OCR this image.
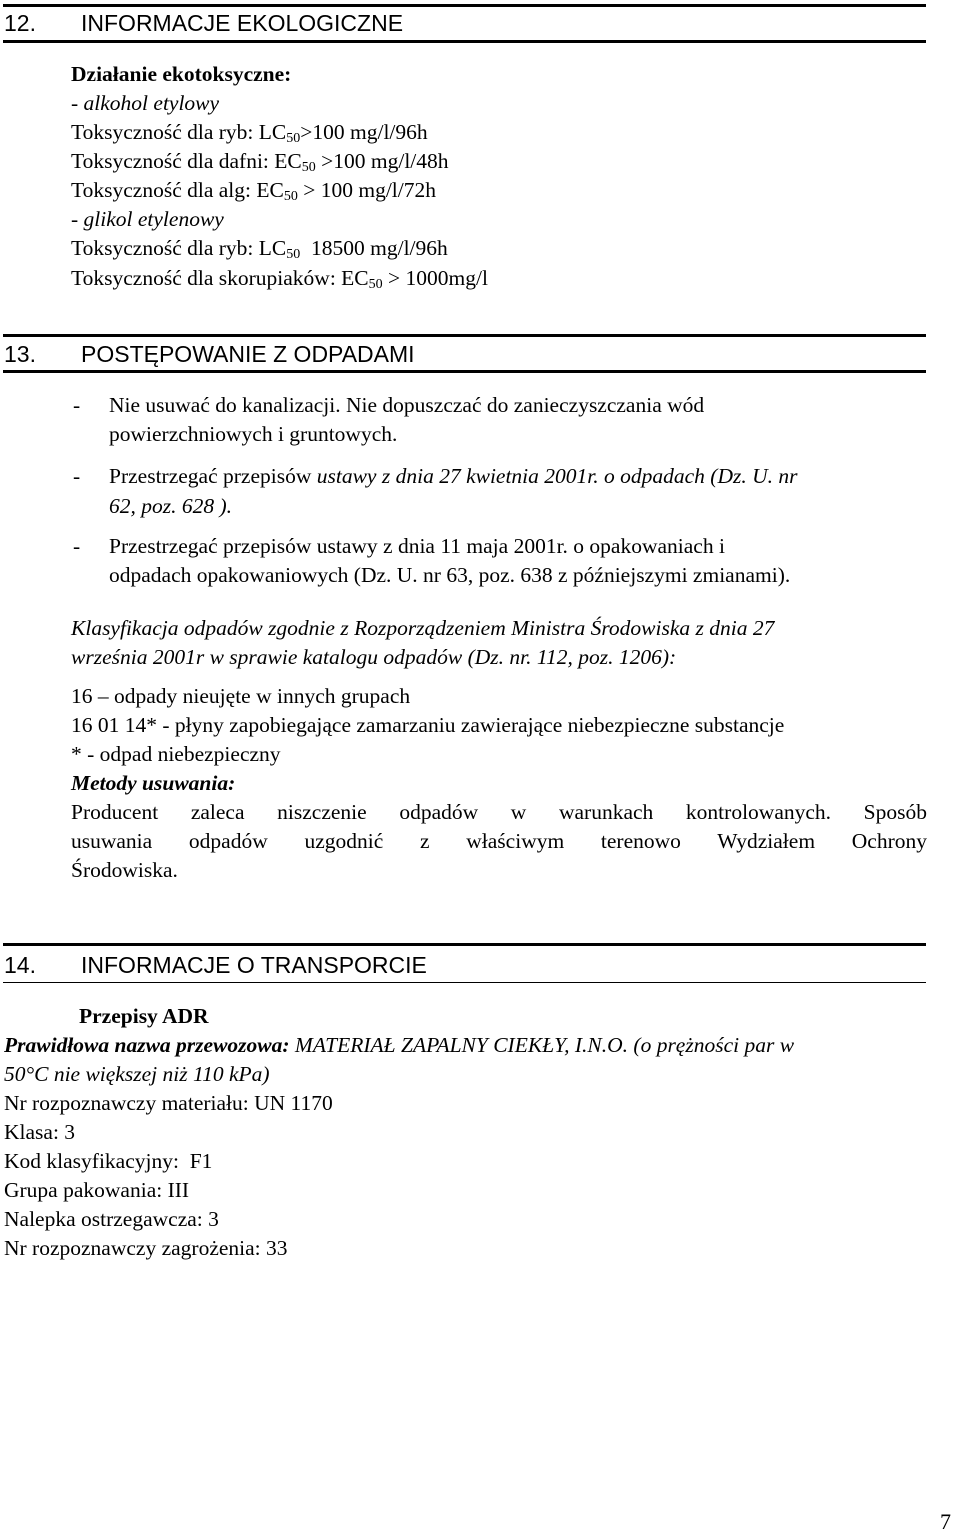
12. INFORMACJE EKOLOGICZNE
Działanie ekotoksyczne:
- alkohol etylowy
Toksyczność dla ryb: $LC_{50}>100$ mg/l/96h
Toksyczność dla dafni: $EC_{50} >100$ mg/l/48h
Toksyczność dla alg: $EC_{50} > 100$ mg/l/72h
- glikol etylenowy
Toksyczność dla ryb: $LC_{50}$  18500 mg/l/96h
Toksyczność dla skorupiaków: $EC_{50} > 1000mg/l$
13. POSTĘPOWANIE Z ODPADAMI
- Nie usuwać do kanalizacji. Nie dopuszczać do zanieczyszczania wód
powierzchniowych i gruntowych.
- Przestrzegać przepisów ustawy z dnia 27 kwietnia 2001r. o odpadach (Dz. U. nr
62, poz. 628 ).
- Przestrzegać przepisów ustawy z dnia 11 maja 2001r. o opakowaniach i
odpadach opakowaniowych (Dz. U. nr 63, poz. 638 z późniejszymi zmianami).
Klasyfikacja odpadów zgodnie z Rozporządzeniem Ministra Środowiska z dnia 27
września 2001r w sprawie katalogu odpadów (Dz. nr. 112, poz. 1206):
16 – odpady nieujęte w innych grupach
16 01 14* - płyny zapobiegające zamarzaniu zawierające niebezpieczne substancje
* - odpad niebezpieczny
Metody usuwania:
Producent zaleca niszczenie odpadów w warunkach kontrolowanych. Sposób
usuwania odpadów uzgodnić z właściwym terenowo Wydziałem Ochrony
Środowiska.
14. INFORMACJE O TRANSPORCIE
Przepisy ADR
Prawidłowa nazwa przewozowa: MATERIAŁ ZAPALNY CIEKŁY, I.N.O. (o prężności par w
50°C nie większej niż 110 kPa)
Nr rozpoznawczy materiału: UN 1170
Klasa: 3
Kod klasyfikacyjny:  F1
Grupa pakowania: III
Nalepka ostrzegawcza: 3
Nr rozpoznawczy zagrożenia: 33
7
